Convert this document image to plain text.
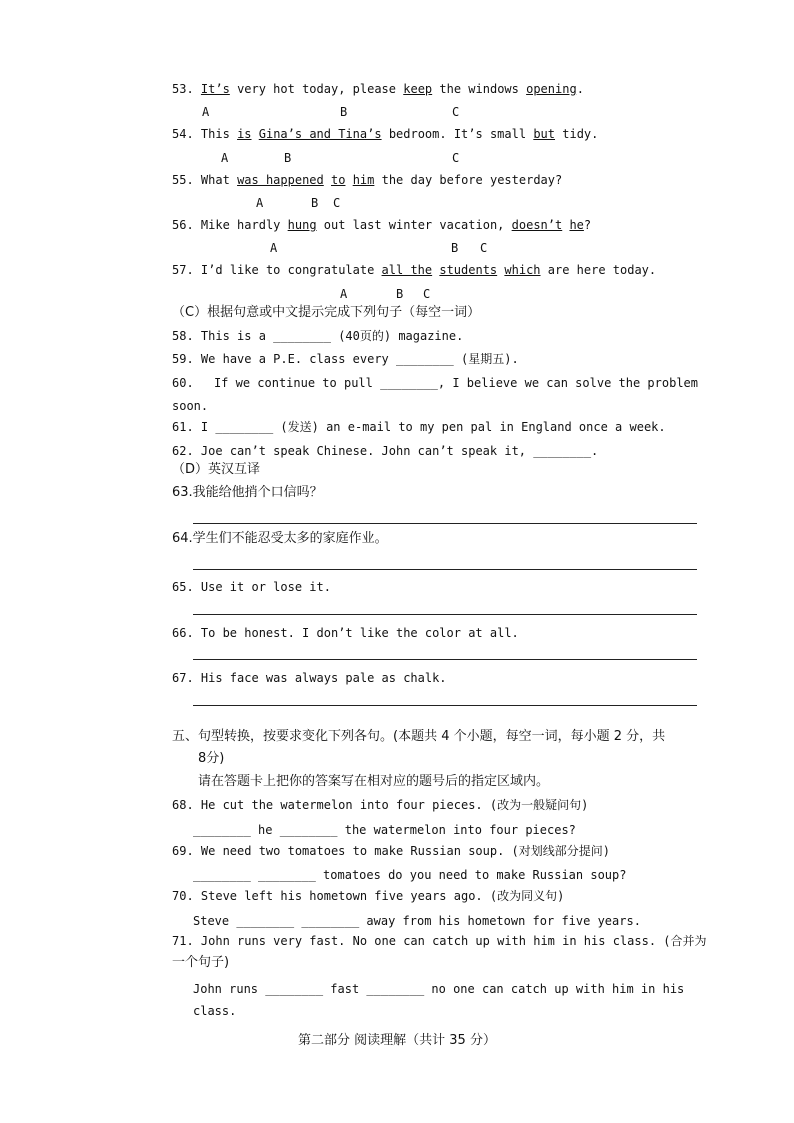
53. It’s very hot today, please keep the windows opening.
A	B	C
54. This is Gina’s and Tina’s bedroom. It’s small but tidy.
A	B	C
55. What was happened to him the day before yesterday?
A	B C
56. Mike hardly hung out last winter vacation, doesn’t he?
A	B C
57. I’d like to congratulate all the students which are here today.
A	B C
（C）根据句意或中文提示完成下列句子（每空一词）
58. This is a ________ (40页的) magazine.
59. We have a P.E. class every ________ (星期五).
60. If we continue to pull ________, I believe we can solve the problem
soon.
61. I ________ (发送) an e-mail to my pen pal in England once a week.
62. Joe can’t speak Chinese. John can’t speak it, ________.
（D）英汉互译
63.我能给他捎个口信吗？
64.学生们不能忍受太多的家庭作业。
65. Use it or lose it.
66. To be honest. I don’t like the color at all.
67. His face was always pale as chalk.
五、句型转换，按要求变化下列各句。(本题共 4 个小题，每空一词，每小题 2 分，共
8分)
请在答题卡上把你的答案写在相对应的题号后的指定区域内。
68. He cut the watermelon into four pieces. (改为一般疑问句)
________ he ________ the watermelon into four pieces?
69. We need two tomatoes to make Russian soup. (对划线部分提问)
________ ________ tomatoes do you need to make Russian soup?
70. Steve left his hometown five years ago. (改为同义句)
Steve ________ ________ away from his hometown for five years.
71. John runs very fast. No one can catch up with him in his class. (合并为
一个句子)
John runs ________ fast ________ no one can catch up with him in his
class.
第二部分 阅读理解（共计 35 分）
